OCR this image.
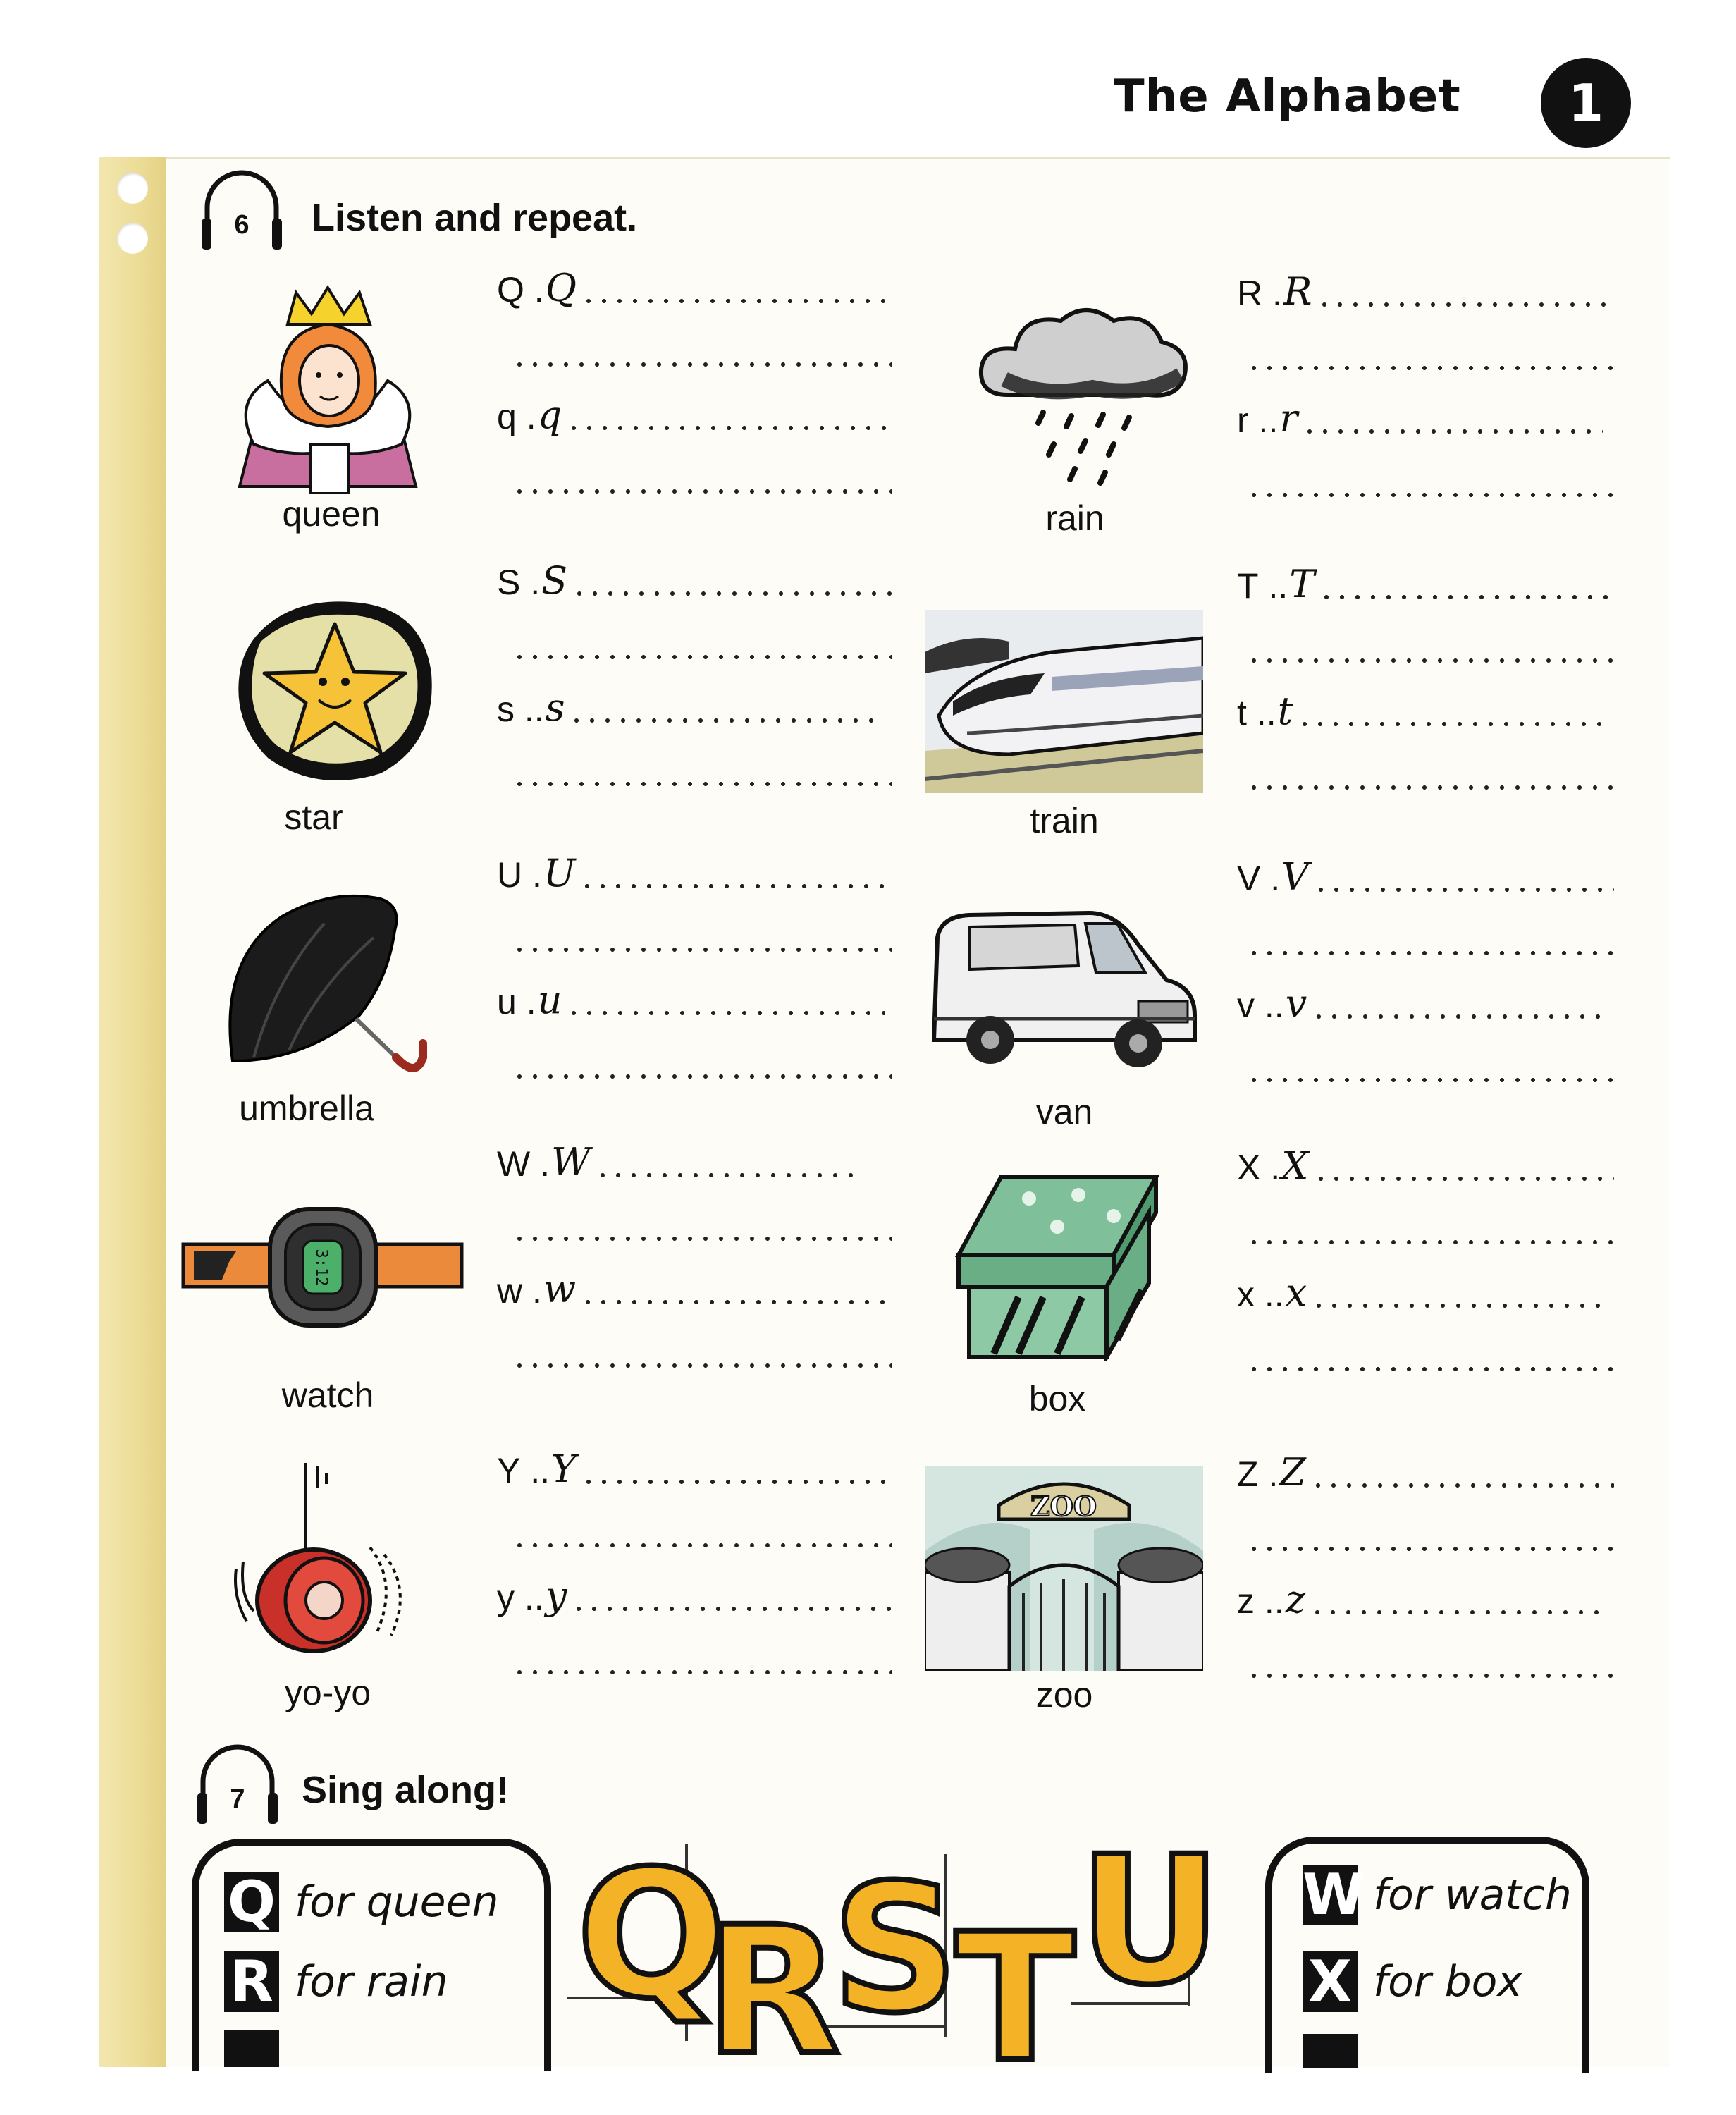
The Alphabet	1
6	Listen and repeat.
queen
Q . Q
q . q
rain
R . R
r .. r
star
S . S
s .. s
train
T .. T
t .. t
umbrella
U . U
u . u
van
V . V
v .. v
3:12
watch
W . W
w . w
box
X . X
x .. x
yo-yo
Y .. Y
y .. y
ZOO
zoo
Z . Z
z .. z
7	Sing along!
Q for queen
R for rain Q
R
S
T U W for watch
X for box
